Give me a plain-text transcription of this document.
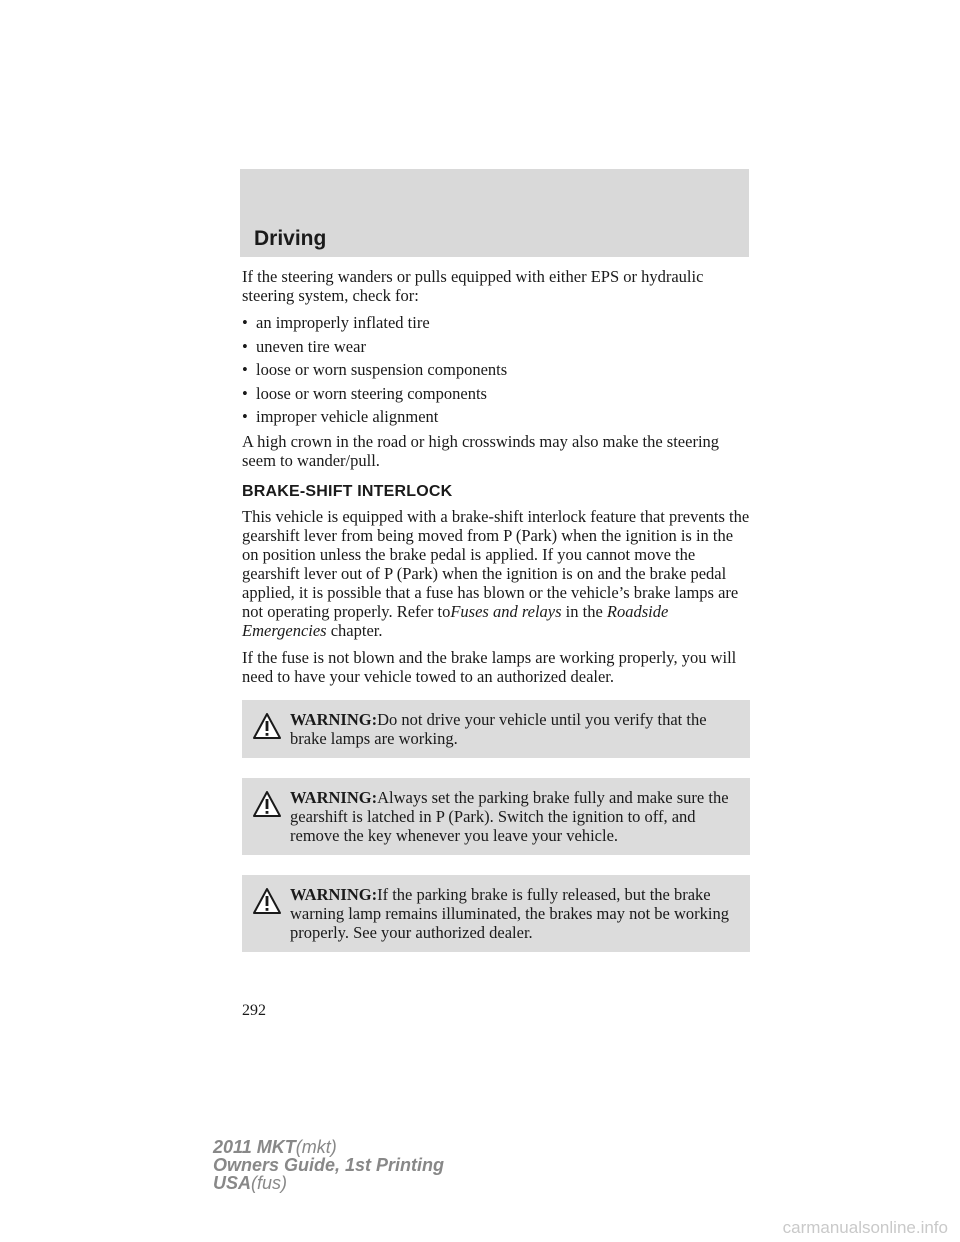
Driving

If the steering wanders or pulls equipped with either EPS or hydraulic steering system, check for:

• an improperly inflated tire
• uneven tire wear
• loose or worn suspension components
• loose or worn steering components
• improper vehicle alignment

A high crown in the road or high crosswinds may also make the steering seem to wander/pull.

BRAKE-SHIFT INTERLOCK

This vehicle is equipped with a brake-shift interlock feature that prevents the gearshift lever from being moved from P (Park) when the ignition is in the on position unless the brake pedal is applied. If you cannot move the gearshift lever out of P (Park) when the ignition is on and the brake pedal applied, it is possible that a fuse has blown or the vehicle’s brake lamps are not operating properly. Refer toFuses and relays in the Roadside Emergencies chapter.

If the fuse is not blown and the brake lamps are working properly, you will need to have your vehicle towed to an authorized dealer.

WARNING:Do not drive your vehicle until you verify that the brake lamps are working.
WARNING:Always set the parking brake fully and make sure the gearshift is latched in P (Park). Switch the ignition to off, and remove the key whenever you leave your vehicle.
WARNING:If the parking brake is fully released, but the brake warning lamp remains illuminated, the brakes may not be working properly. See your authorized dealer.
292
2011 MKT(mkt)
Owners Guide, 1st Printing
USA(fus)
carmanualsonline.info
